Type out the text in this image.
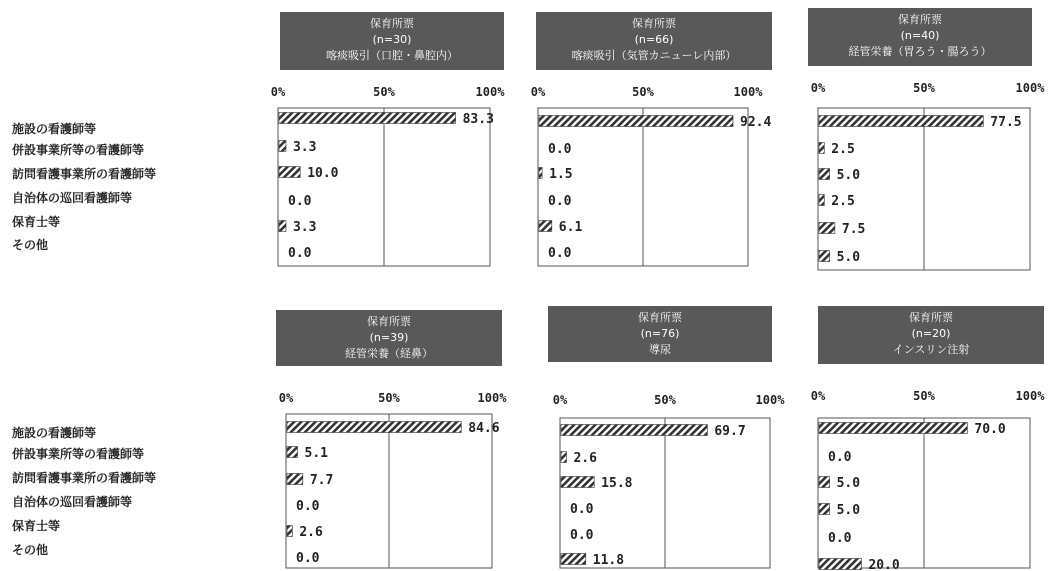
保育所票
(n=30)
喀痰吸引（口腔・鼻腔内）
保育所票
(n=66)
喀痰吸引（気管カニューレ内部）
保育所票
(n=40)
経管栄養（胃ろう・腸ろう）
保育所票
(n=39)
経管栄養（経鼻）
保育所票
(n=76)
導尿
保育所票
(n=20)
インスリン注射
施設の看護師等
併設事業所等の看護師等
訪問看護事業所の看護師等
自治体の巡回看護師等
保育士等
その他
施設の看護師等
併設事業所等の看護師等
訪問看護事業所の看護師等
自治体の巡回看護師等
保育士等
その他
0%	50%	100%
83.3
3.3
10.0
0.0
3.3
0.0
0%	50%	100%
92.4
0.0
1.5
0.0
6.1
0.0
0%	50%	100%
77.5
2.5
5.0
2.5
7.5
5.0
0%	50%	100%
84.6
5.1
7.7
0.0
2.6
0.0
0%	50%	100%
69.7
2.6
15.8
0.0
0.0
11.8
0%	50%	100%
70.0
0.0
5.0
5.0
0.0
20.0
